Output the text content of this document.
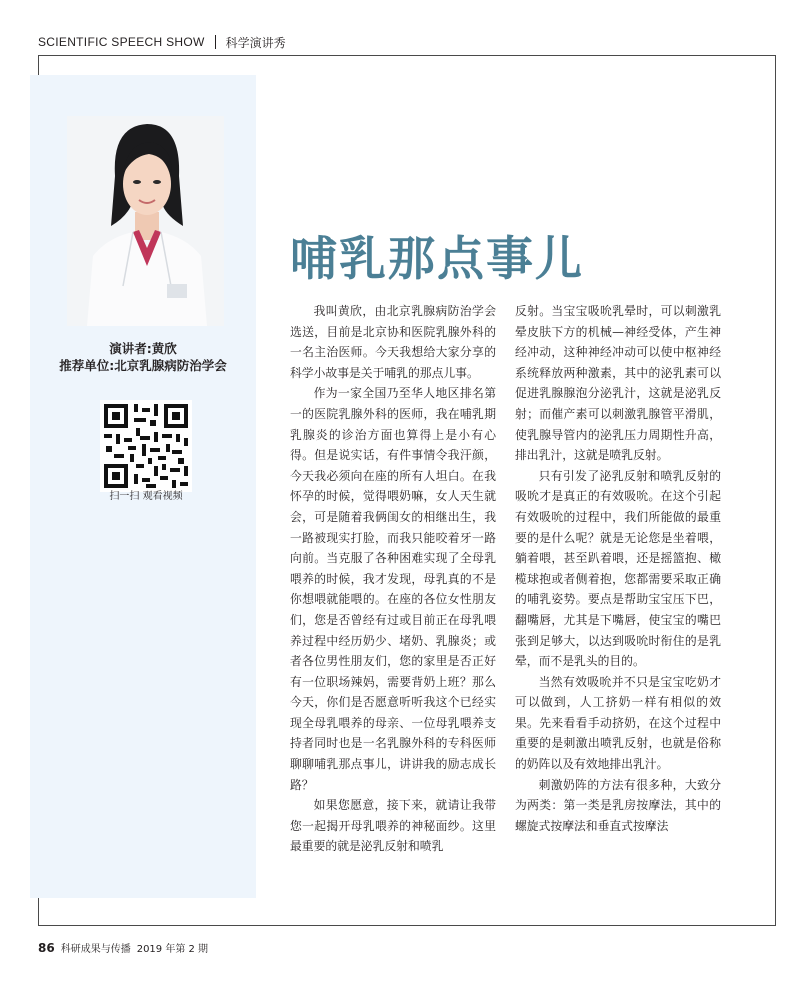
SCIENTIFIC SPEECH SHOW 科学演讲秀
演讲者:黄欣
推荐单位:北京乳腺病防治学会
扫一扫 观看视频
哺乳那点事儿

我叫黄欣，由北京乳腺病防治学会选送，目前是北京协和医院乳腺外科的一名主治医师。今天我想给大家分享的科学小故事是关于哺乳的那点儿事。

作为一家全国乃至华人地区排名第一的医院乳腺外科的医师，我在哺乳期乳腺炎的诊治方面也算得上是小有心得。但是说实话，有件事情令我汗颜，今天我必须向在座的所有人坦白。在我怀孕的时候，觉得喂奶嘛，女人天生就会，可是随着我俩闺女的相继出生，我一路被现实打脸，而我只能咬着牙一路向前。当克服了各种困难实现了全母乳喂养的时候，我才发现，母乳真的不是你想喂就能喂的。在座的各位女性朋友们，您是否曾经有过或目前正在母乳喂养过程中经历奶少、堵奶、乳腺炎；或者各位男性朋友们，您的家里是否正好有一位职场辣妈，需要背奶上班？那么今天，你们是否愿意听听我这个已经实现全母乳喂养的母亲、一位母乳喂养支持者同时也是一名乳腺外科的专科医师聊聊哺乳那点事儿，讲讲我的励志成长路？

如果您愿意，接下来，就请让我带您一起揭开母乳喂养的神秘面纱。这里最重要的就是泌乳反射和喷乳

反射。当宝宝吸吮乳晕时，可以刺激乳晕皮肤下方的机械—神经受体，产生神经冲动，这种神经冲动可以使中枢神经系统释放两种激素，其中的泌乳素可以促进乳腺腺泡分泌乳汁，这就是泌乳反射；而催产素可以刺激乳腺管平滑肌，使乳腺导管内的泌乳压力周期性升高，排出乳汁，这就是喷乳反射。

只有引发了泌乳反射和喷乳反射的吸吮才是真正的有效吸吮。在这个引起有效吸吮的过程中，我们所能做的最重要的是什么呢？就是无论您是坐着喂，躺着喂，甚至趴着喂，还是摇篮抱、橄榄球抱或者侧着抱，您都需要采取正确的哺乳姿势。要点是帮助宝宝压下巴，翻嘴唇，尤其是下嘴唇，使宝宝的嘴巴张到足够大，以达到吸吮时衔住的是乳晕，而不是乳头的目的。

当然有效吸吮并不只是宝宝吃奶才可以做到，人工挤奶一样有相似的效果。先来看看手动挤奶，在这个过程中重要的是刺激出喷乳反射，也就是俗称的奶阵以及有效地排出乳汁。

刺激奶阵的方法有很多种，大致分为两类：第一类是乳房按摩法，其中的螺旋式按摩法和垂直式按摩法

86 科研成果与传播 2019 年第 2 期
